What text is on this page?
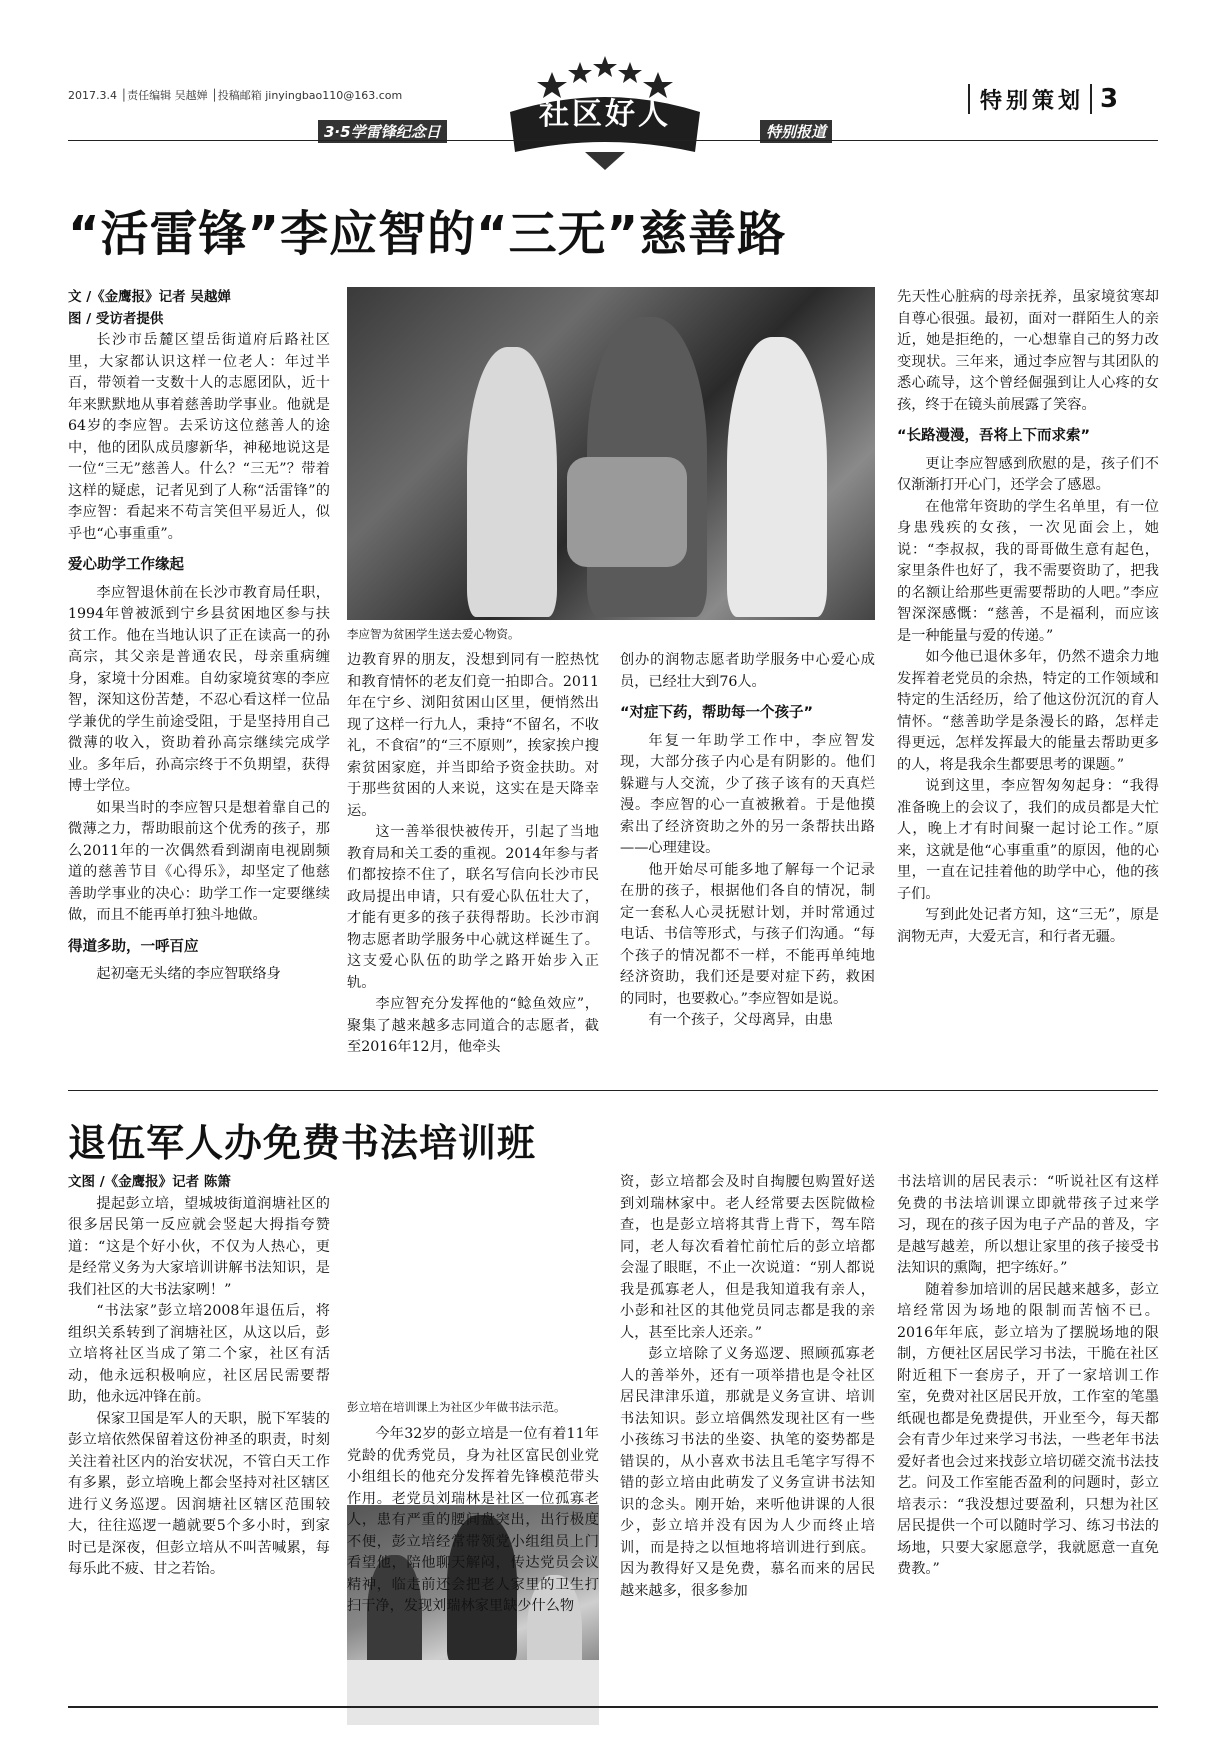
2017.3.4 │责任编辑 吴越婵 │投稿邮箱 jinyingbao110@163.com
社区好人
3·5学雷锋纪念日	特别报道
特别策划 3
“活雷锋”李应智的“三无”慈善路

文 /《金鹰报》记者 吴越婵

图 / 受访者提供

长沙市岳麓区望岳街道府后路社区里，大家都认识这样一位老人：年过半百，带领着一支数十人的志愿团队，近十年来默默地从事着慈善助学事业。他就是64岁的李应智。去采访这位慈善人的途中，他的团队成员廖新华，神秘地说这是一位“三无”慈善人。什么？“三无”？带着这样的疑虑，记者见到了人称“活雷锋”的李应智：看起来不苟言笑但平易近人，似乎也“心事重重”。

爱心助学工作缘起

李应智退休前在长沙市教育局任职，1994年曾被派到宁乡县贫困地区参与扶贫工作。他在当地认识了正在读高一的孙高宗，其父亲是普通农民，母亲重病缠身，家境十分困难。自幼家境贫寒的李应智，深知这份苦楚，不忍心看这样一位品学兼优的学生前途受阻，于是坚持用自己微薄的收入，资助着孙高宗继续完成学业。多年后，孙高宗终于不负期望，获得博士学位。

如果当时的李应智只是想着靠自己的微薄之力，帮助眼前这个优秀的孩子，那么2011年的一次偶然看到湖南电视剧频道的慈善节目《心得乐》，却坚定了他慈善助学事业的决心：助学工作一定要继续做，而且不能再单打独斗地做。

得道多助，一呼百应

起初毫无头绪的李应智联络身

李应智为贫困学生送去爱心物资。

边教育界的朋友，没想到同有一腔热忱和教育情怀的老友们竟一拍即合。2011年在宁乡、浏阳贫困山区里，便悄然出现了这样一行九人，秉持“不留名，不收礼，不食宿”的“三不原则”，挨家挨户搜索贫困家庭，并当即给予资金扶助。对于那些贫困的人来说，这实在是天降幸运。

这一善举很快被传开，引起了当地教育局和关工委的重视。2014年参与者们都按捺不住了，联名写信向长沙市民政局提出申请，只有爱心队伍壮大了，才能有更多的孩子获得帮助。长沙市润物志愿者助学服务中心就这样诞生了。这支爱心队伍的助学之路开始步入正轨。

李应智充分发挥他的“鲶鱼效应”，聚集了越来越多志同道合的志愿者，截至2016年12月，他牵头

创办的润物志愿者助学服务中心爱心成员，已经壮大到76人。

“对症下药，帮助每一个孩子”

年复一年助学工作中，李应智发现，大部分孩子内心是有阴影的。他们躲避与人交流，少了孩子该有的天真烂漫。李应智的心一直被揪着。于是他摸索出了经济资助之外的另一条帮扶出路——心理建设。

他开始尽可能多地了解每一个记录在册的孩子，根据他们各自的情况，制定一套私人心灵抚慰计划，并时常通过电话、书信等形式，与孩子们沟通。“每个孩子的情况都不一样，不能再单纯地经济资助，我们还是要对症下药，救困的同时，也要救心。”李应智如是说。

有一个孩子，父母离异，由患

先天性心脏病的母亲抚养，虽家境贫寒却自尊心很强。最初，面对一群陌生人的亲近，她是拒绝的，一心想靠自己的努力改变现状。三年来，通过李应智与其团队的悉心疏导，这个曾经倔强到让人心疼的女孩，终于在镜头前展露了笑容。

“长路漫漫，吾将上下而求索”

更让李应智感到欣慰的是，孩子们不仅渐渐打开心门，还学会了感恩。

在他常年资助的学生名单里，有一位身患残疾的女孩，一次见面会上，她说：“李叔叔，我的哥哥做生意有起色，家里条件也好了，我不需要资助了，把我的名额让给那些更需要帮助的人吧。”李应智深深感慨：“慈善，不是福利，而应该是一种能量与爱的传递。”

如今他已退休多年，仍然不遗余力地发挥着老党员的余热，特定的工作领域和特定的生活经历，给了他这份沉沉的育人情怀。“慈善助学是条漫长的路，怎样走得更远，怎样发挥最大的能量去帮助更多的人，将是我余生都要思考的课题。”

说到这里，李应智匆匆起身：“我得准备晚上的会议了，我们的成员都是大忙人，晚上才有时间聚一起讨论工作。”原来，这就是他“心事重重”的原因，他的心里，一直在记挂着他的助学中心，他的孩子们。

写到此处记者方知，这“三无”，原是润物无声，大爱无言，和行者无疆。

退伍军人办免费书法培训班

文图 /《金鹰报》记者 陈箫

提起彭立培，望城坡街道润塘社区的很多居民第一反应就会竖起大拇指夸赞道：“这是个好小伙，不仅为人热心，更是经常义务为大家培训讲解书法知识，是我们社区的大书法家咧！”

“书法家”彭立培2008年退伍后，将组织关系转到了润塘社区，从这以后，彭立培将社区当成了第二个家，社区有活动，他永远积极响应，社区居民需要帮助，他永远冲锋在前。

保家卫国是军人的天职，脱下军装的彭立培依然保留着这份神圣的职责，时刻关注着社区内的治安状况，不管白天工作有多累，彭立培晚上都会坚持对社区辖区进行义务巡逻。因润塘社区辖区范围较大，往往巡逻一趟就要5个多小时，到家时已是深夜，但彭立培从不叫苦喊累，每每乐此不疲、甘之若饴。

彭立培在培训课上为社区少年做书法示范。

今年32岁的彭立培是一位有着11年党龄的优秀党员，身为社区富民创业党小组组长的他充分发挥着先锋模范带头作用。老党员刘瑞林是社区一位孤寡老人，患有严重的腰间盘突出，出行极度不便，彭立培经常带领党小组组员上门看望他，陪他聊天解闷，传达党员会议精神，临走前还会把老人家里的卫生打扫干净，发现刘瑞林家里缺少什么物

资，彭立培都会及时自掏腰包购置好送到刘瑞林家中。老人经常要去医院做检查，也是彭立培将其背上背下，驾车陪同，老人每次看着忙前忙后的彭立培都会湿了眼眶，不止一次说道：“别人都说我是孤寡老人，但是我知道我有亲人，小彭和社区的其他党员同志都是我的亲人，甚至比亲人还亲。”

彭立培除了义务巡逻、照顾孤寡老人的善举外，还有一项举措也是令社区居民津津乐道，那就是义务宣讲、培训书法知识。彭立培偶然发现社区有一些小孩练习书法的坐姿、执笔的姿势都是错误的，从小喜欢书法且毛笔字写得不错的彭立培由此萌发了义务宣讲书法知识的念头。刚开始，来听他讲课的人很少，彭立培并没有因为人少而终止培训，而是持之以恒地将培训进行到底。因为教得好又是免费，慕名而来的居民越来越多，很多参加

书法培训的居民表示：“听说社区有这样免费的书法培训课立即就带孩子过来学习，现在的孩子因为电子产品的普及，字是越写越差，所以想让家里的孩子接受书法知识的熏陶，把字练好。”

随着参加培训的居民越来越多，彭立培经常因为场地的限制而苦恼不已。2016年年底，彭立培为了摆脱场地的限制，方便社区居民学习书法，干脆在社区附近租下一套房子，开了一家培训工作室，免费对社区居民开放，工作室的笔墨纸砚也都是免费提供，开业至今，每天都会有青少年过来学习书法，一些老年书法爱好者也会过来找彭立培切磋交流书法技艺。问及工作室能否盈利的问题时，彭立培表示：“我没想过要盈利，只想为社区居民提供一个可以随时学习、练习书法的场地，只要大家愿意学，我就愿意一直免费教。”
